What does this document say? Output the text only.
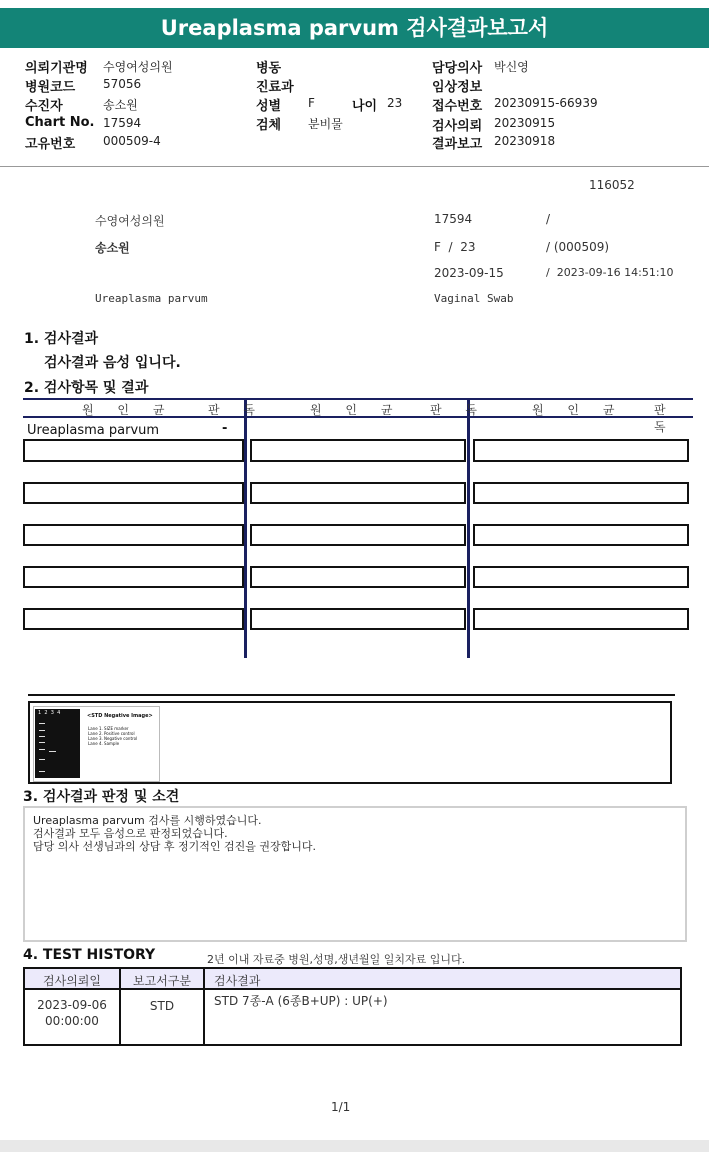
Ureaplasma parvum 검사결과보고서
의뢰기관명 수영여성의원
병원코드 57056
수진자	송소원
Chart No. 17594
고유번호 000509-4
병동
진료과
성별 F	나이 23
검체 분비물
담당의사 박신영
임상정보
접수번호 20230915-66939
검사의뢰 20230915
결과보고 20230918
116052
수영여성의원	17594	/
송소원	F  /  23	/ (000509)
2023-09-15	/  2023-09-16 14:51:10
Ureaplasma parvum	Vaginal Swab
1. 검사결과
검사결과 음성 입니다.
2. 검사항목 및 결과
원 인 균	판 독	원 인 균 판 독	원 인 균 판 독
Ureaplasma parvum	-
1  2  3  4	<STD Negative Image>
Lane 1. SIZE marker
Lane 2. Positive control
Lane 3. Negative control
Lane 4. Sample
3. 검사결과 판정 및 소견
Ureaplasma parvum 검사를 시행하였습니다.
검사결과 모두 음성으로 판정되었습니다.
담당 의사 선생님과의 상담 후 정기적인 검진을 권장합니다.
4. TEST HISTORY	2년 이내 자료중 병원,성명,생년월일 일치자료 입니다.
검사의뢰일	보고서구분	검사결과
2023-09-06
00:00:00
STD	STD 7종-A (6종B+UP) : UP(+)
1/1
